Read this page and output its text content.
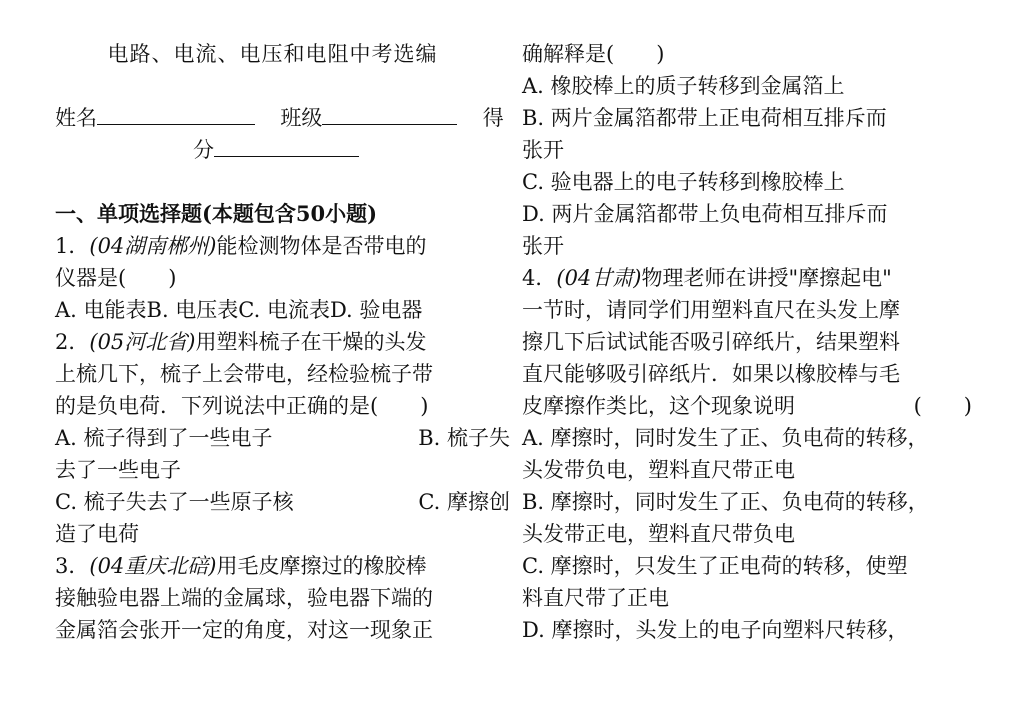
电路、电流、电压和电阻中考选编
姓名	班级	得
分
一、单项选择题(本题包含50小题)
1．(04湖南郴州)能检测物体是否带电的
仪器是(　　)
A. 电能表B. 电压表C. 电流表D. 验电器
2．(05河北省)用塑料梳子在干燥的头发
上梳几下，梳子上会带电，经检验梳子带
的是负电荷．下列说法中正确的是(　　)
A. 梳子得到了一些电子	B. 梳子失
去了一些电子
C. 梳子失去了一些原子核	C. 摩擦创
造了电荷
3．(04重庆北碚)用毛皮摩擦过的橡胶棒
接触验电器上端的金属球，验电器下端的
金属箔会张开一定的角度，对这一现象正
确解释是(　　)
A. 橡胶棒上的质子转移到金属箔上
B. 两片金属箔都带上正电荷相互排斥而
张开
C. 验电器上的电子转移到橡胶棒上
D. 两片金属箔都带上负电荷相互排斥而
张开
4．(04甘肃)物理老师在讲授"摩擦起电"
一节时，请同学们用塑料直尺在头发上摩
擦几下后试试能否吸引碎纸片，结果塑料
直尺能够吸引碎纸片．如果以橡胶棒与毛
皮摩擦作类比，这个现象说明	(　　)
A. 摩擦时，同时发生了正、负电荷的转移，
头发带负电，塑料直尺带正电
B. 摩擦时，同时发生了正、负电荷的转移，
头发带正电，塑料直尺带负电
C. 摩擦时，只发生了正电荷的转移，使塑
料直尺带了正电
D. 摩擦时，头发上的电子向塑料尺转移，
